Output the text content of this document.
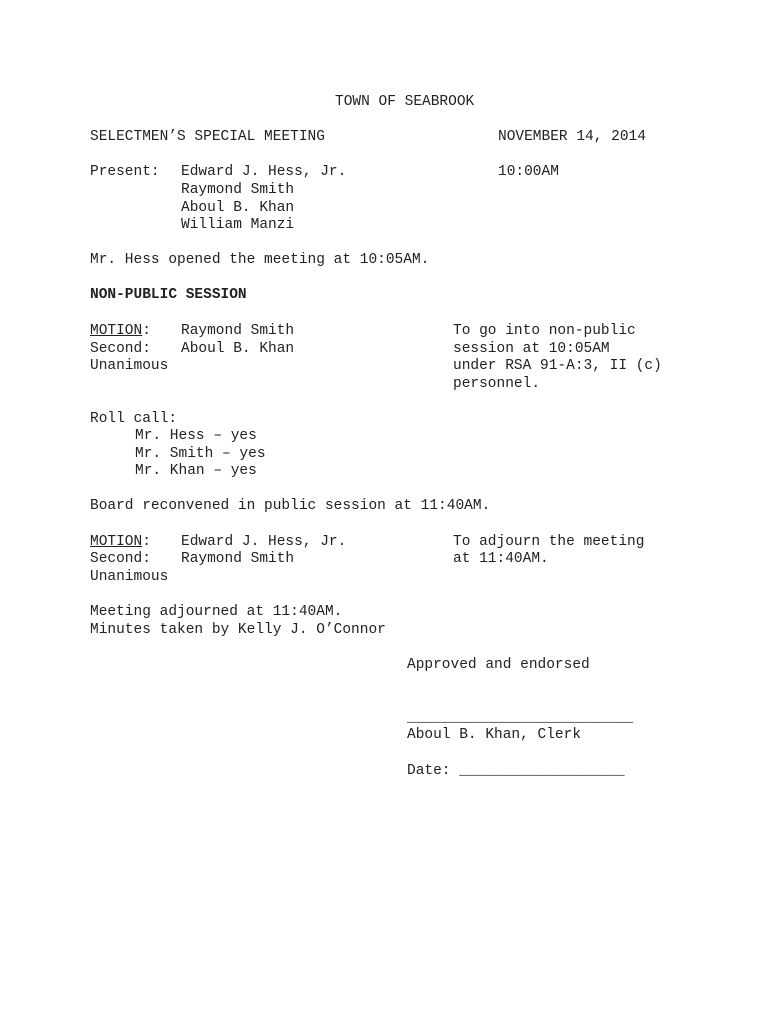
TOWN OF SEABROOK
SELECTMEN’S SPECIAL MEETING	NOVEMBER 14, 2014
Present: Edward J. Hess, Jr.	10:00AM
Raymond Smith
Aboul B. Khan
William Manzi
Mr. Hess opened the meeting at 10:05AM.
NON-PUBLIC SESSION
MOTION: Raymond Smith	To go into non-public
Second: Aboul B. Khan	session at 10:05AM
Unanimous	under RSA 91-A:3, II (c)
personnel.
Roll call:
Mr. Hess – yes
Mr. Smith – yes
Mr. Khan – yes
Board reconvened in public session at 11:40AM.
MOTION: Edward J. Hess, Jr.	To adjourn the meeting
Second: Raymond Smith	at 11:40AM.
Unanimous
Meeting adjourned at 11:40AM.
Minutes taken by Kelly J. O’Connor
Approved and endorsed
__________________________
Aboul B. Khan, Clerk
Date: ___________________
